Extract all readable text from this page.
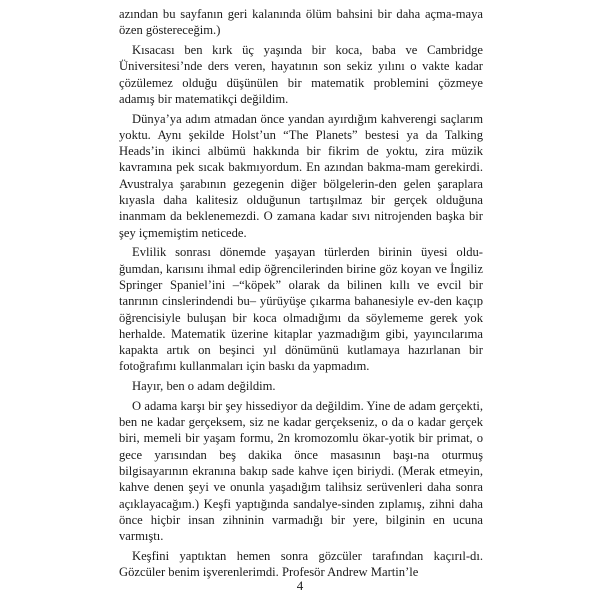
azından bu sayfanın geri kalanında ölüm bahsini bir daha açma-maya özen göstereceğim.)

Kısacası ben kırk üç yaşında bir koca, baba ve Cambridge Üniversitesi’nde ders veren, hayatının son sekiz yılını o vakte kadar çözülemez olduğu düşünülen bir matematik problemini çözmeye adamış bir matematikçi değildim.

Dünya’ya adım atmadan önce yandan ayırdığım kahverengi saçlarım yoktu. Aynı şekilde Holst’un “The Planets” bestesi ya da Talking Heads’in ikinci albümü hakkında bir fikrim de yoktu, zira müzik kavramına pek sıcak bakmıyordum. En azından bakma-mam gerekirdi. Avustralya şarabının gezegenin diğer bölgelerin-den gelen şaraplara kıyasla daha kalitesiz olduğunun tartışılmaz bir gerçek olduğuna inanmam da beklenemezdi. O zamana kadar sıvı nitrojenden başka bir şey içmemiştim neticede.

Evlilik sonrası dönemde yaşayan türlerden birinin üyesi oldu-ğumdan, karısını ihmal edip öğrencilerinden birine göz koyan ve İngiliz Springer Spaniel’ini –“köpek” olarak da bilinen kıllı ve evcil bir tanrının cinslerindendi bu– yürüyüşe çıkarma bahanesiyle ev-den kaçıp öğrencisiyle buluşan bir koca olmadığımı da söylememe gerek yok herhalde. Matematik üzerine kitaplar yazmadığım gibi, yayıncılarıma kapakta artık on beşinci yıl dönümünü kutlamaya hazırlanan bir fotoğrafımı kullanmaları için baskı da yapmadım.

Hayır, ben o adam değildim.

O adama karşı bir şey hissediyor da değildim. Yine de adam gerçekti, ben ne kadar gerçeksem, siz ne kadar gerçekseniz, o da o kadar gerçek biri, memeli bir yaşam formu, 2n kromozomlu ökar-yotik bir primat, o gece yarısından beş dakika önce masasının başı-na oturmuş bilgisayarının ekranına bakıp sade kahve içen biriydi. (Merak etmeyin, kahve denen şeyi ve onunla yaşadığım talihsiz serüvenleri daha sonra açıklayacağım.) Keşfi yaptığında sandalye-sinden zıplamış, zihni daha önce hiçbir insan zihninin varmadığı bir yere, bilginin en ucuna varmıştı.

Keşfini yaptıktan hemen sonra gözcüler tarafından kaçırıl-dı. Gözcüler benim işverenlerimdi. Profesör Andrew Martin’le

4
